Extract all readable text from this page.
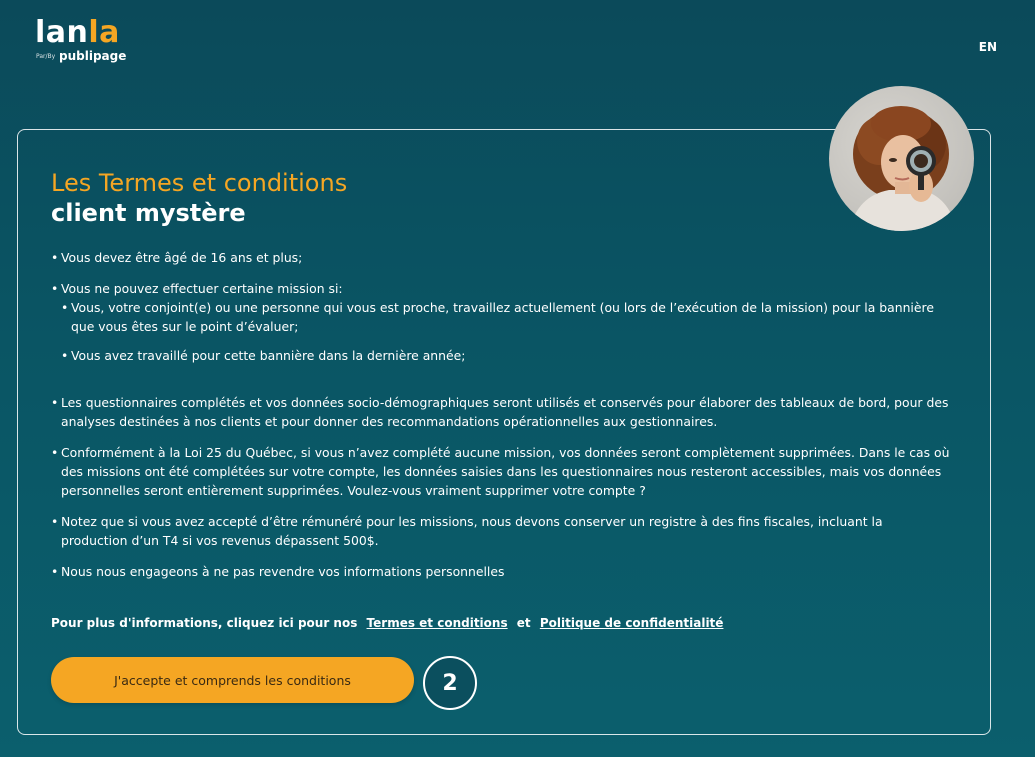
lanla
Par/By publipage
EN
Les Termes et conditions
client mystère
• Vous devez être âgé de 16 ans et plus;
• Vous ne pouvez effectuer certaine mission si:
• Vous, votre conjoint(e) ou une personne qui vous est proche, travaillez actuellement (ou lors de l’exécution de la mission) pour la bannière que vous êtes sur le point d’évaluer;
• Vous avez travaillé pour cette bannière dans la dernière année;
• Les questionnaires complétés et vos données socio-démographiques seront utilisés et conservés pour élaborer des tableaux de bord, pour des analyses destinées à nos clients et pour donner des recommandations opérationnelles aux gestionnaires.
• Conformément à la Loi 25 du Québec, si vous n’avez complété aucune mission, vos données seront complètement supprimées. Dans le cas où des missions ont été complétées sur votre compte, les données saisies dans les questionnaires nous resteront accessibles, mais vos données personnelles seront entièrement supprimées. Voulez-vous vraiment supprimer votre compte ?
• Notez que si vous avez accepté d’être rémunéré pour les missions, nous devons conserver un registre à des fins fiscales, incluant la production d’un T4 si vos revenus dépassent 500$.
• Nous nous engageons à ne pas revendre vos informations personnelles
Pour plus d'informations, cliquez ici pour nos Termes et conditions et Politique de confidentialité
J'accepte et comprends les conditions	2
